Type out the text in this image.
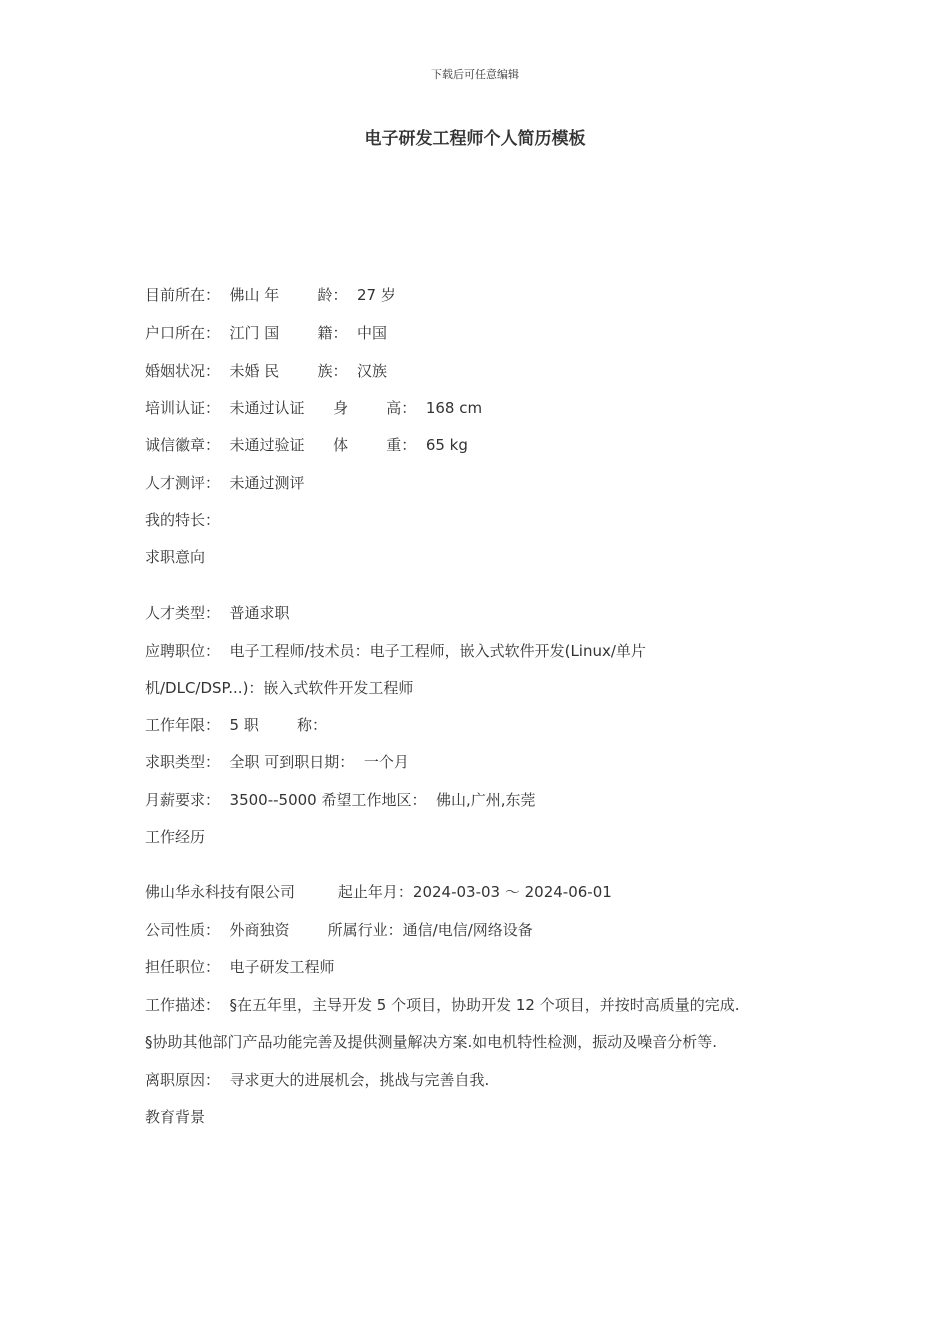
下载后可任意编辑
电子研发工程师个人简历模板
目前所在：  佛山 年        龄：  27 岁
户口所在：  江门 国        籍：  中国
婚姻状况：  未婚 民        族：  汉族
培训认证：  未通过认证      身        高：  168 cm
诚信徽章：  未通过验证      体        重：  65 kg
人才测评：  未通过测评
我的特长：
求职意向
人才类型：  普通求职
应聘职位：  电子工程师/技术员：电子工程师，嵌入式软件开发(Linux/单片
机/DLC/DSP...)：嵌入式软件开发工程师
工作年限：  5 职        称：
求职类型：  全职 可到职日期：  一个月
月薪要求：  3500--5000 希望工作地区：  佛山,广州,东莞
工作经历
佛山华永科技有限公司         起止年月：2024-03-03 ～ 2024-06-01
公司性质：  外商独资        所属行业：通信/电信/网络设备
担任职位：  电子研发工程师
工作描述：  §在五年里，主导开发 5 个项目，协助开发 12 个项目，并按时高质量的完成.
§协助其他部门产品功能完善及提供测量解决方案.如电机特性检测，振动及噪音分析等.
离职原因：  寻求更大的进展机会，挑战与完善自我.
教育背景
